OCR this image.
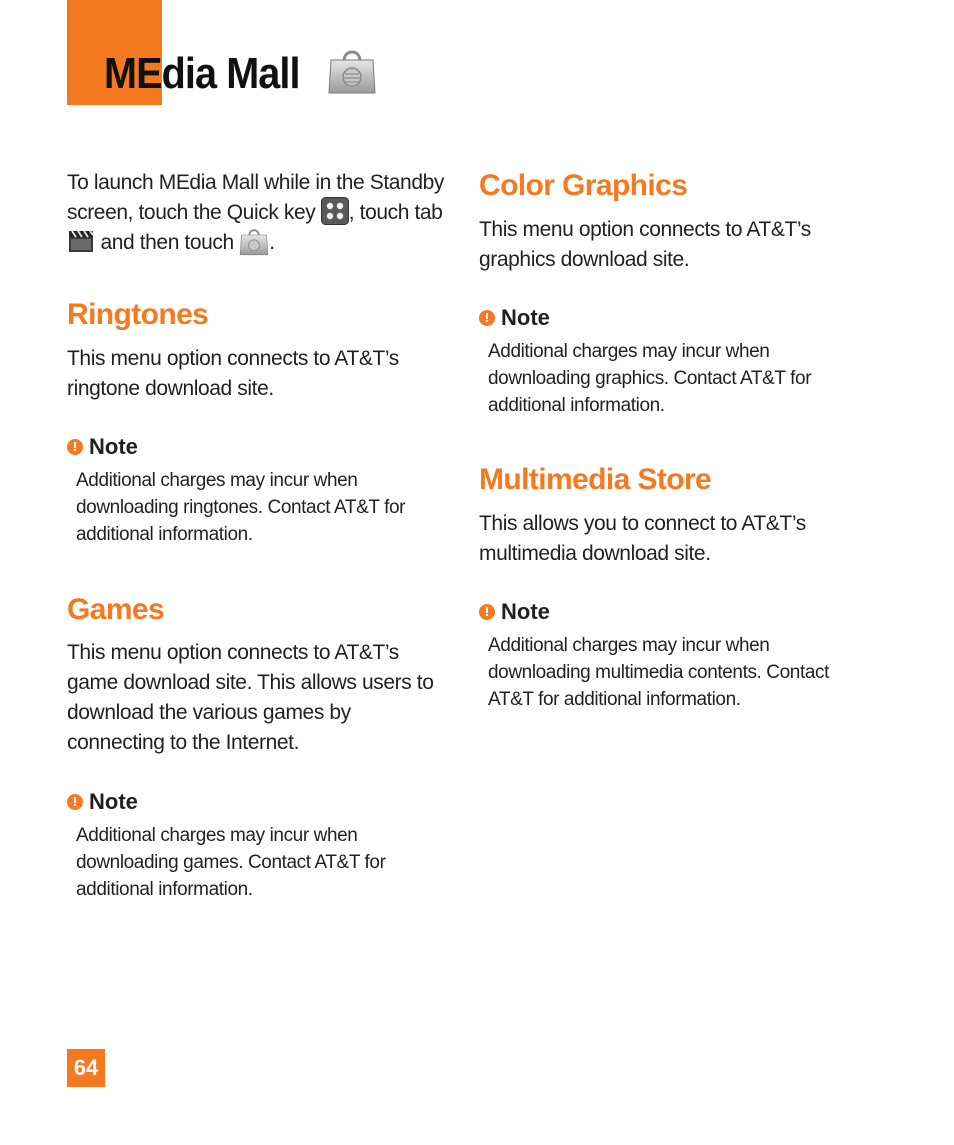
MEdia Mall

To launch MEdia Mall while in the Standby screen, touch the Quick key , touch tab  and then touch .

Ringtones

This menu option connects to AT&T’s ringtone download site.

! Note

Additional charges may incur when downloading ringtones. Contact AT&T for additional information.

Games

This menu option connects to AT&T’s game download site. This allows users to download the various games by connecting to the Internet.

! Note

Additional charges may incur when downloading games. Contact AT&T for additional information.

Color Graphics

This menu option connects to AT&T’s graphics download site.

! Note

Additional charges may incur when downloading graphics. Contact AT&T for additional information.

Multimedia Store

This allows you to connect to AT&T’s multimedia download site.

! Note

Additional charges may incur when downloading multimedia contents. Contact AT&T for additional information.

64
